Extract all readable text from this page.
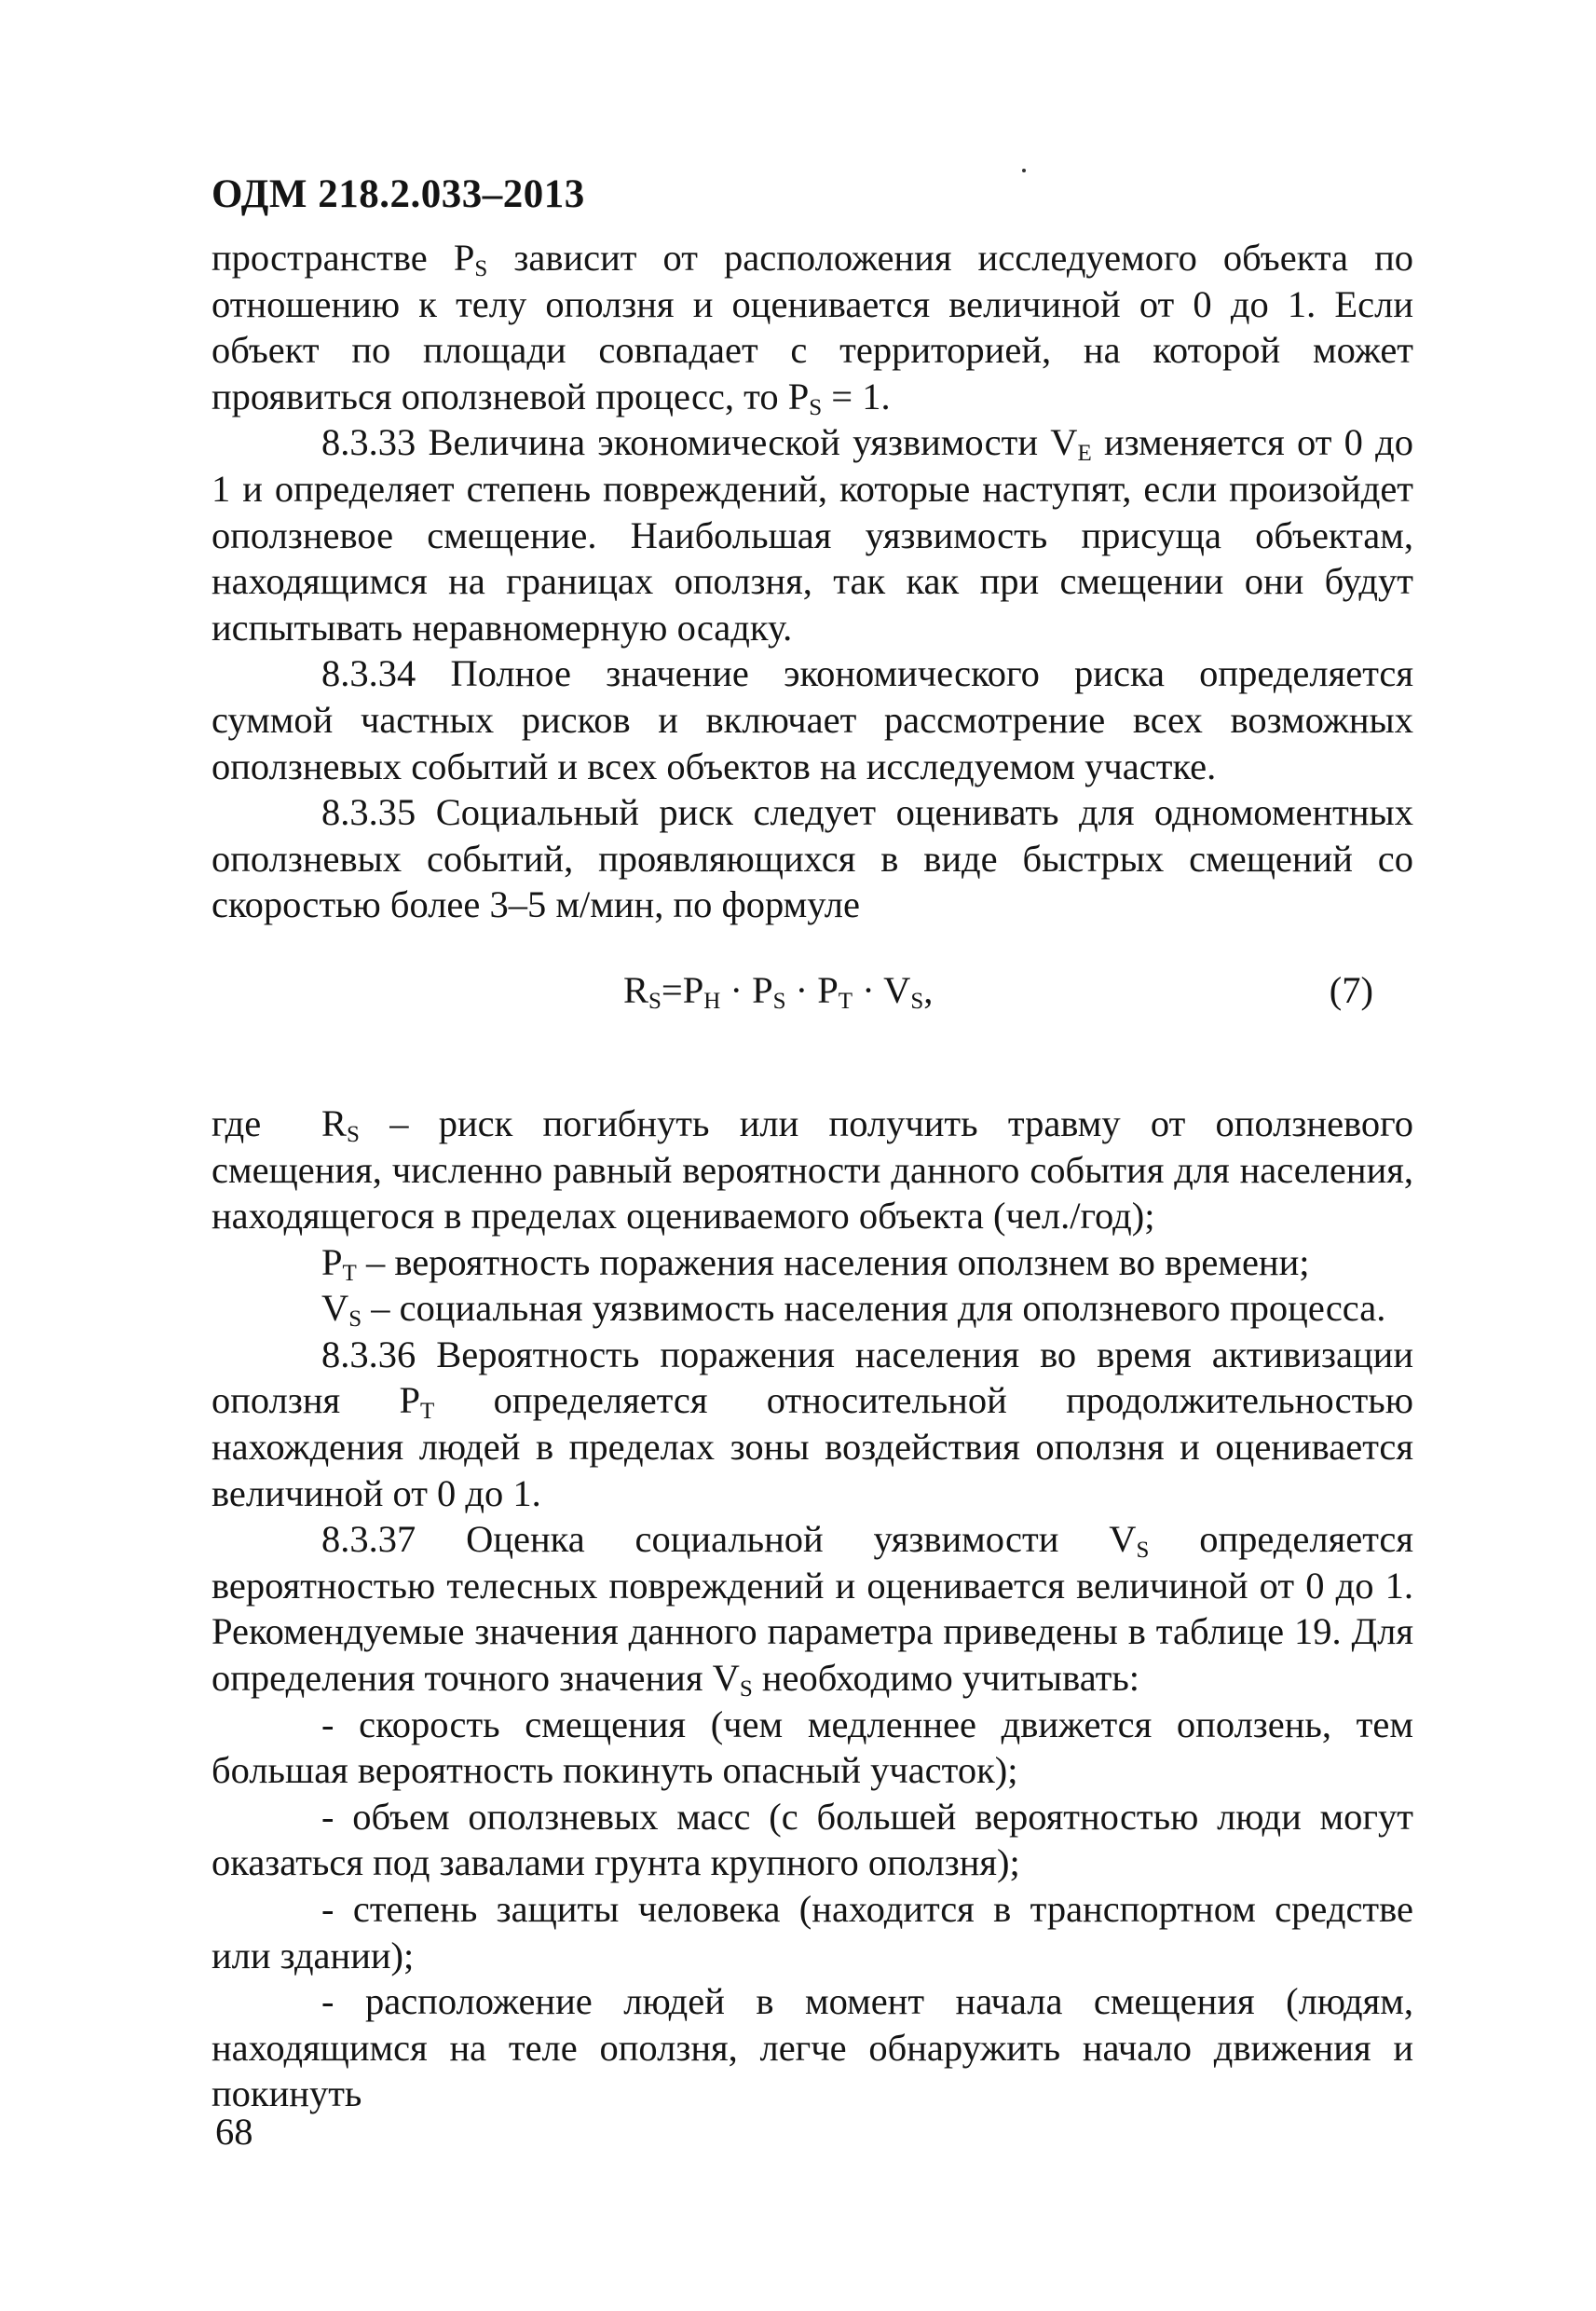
ОДМ 218.2.033–2013

пространстве $P_S$ зависит от расположения исследуемого объекта по отношению к телу оползня и оценивается величиной от 0 до 1. Если объект по площади совпадает с территорией, на которой может проявиться оползневой процесс, то $P_S = 1$.

8.3.33 Величина экономической уязвимости $V_E$ изменяется от 0 до 1 и определяет степень повреждений, которые наступят, если произойдет оползневое смещение. Наибольшая уязвимость присуща объектам, находящимся на границах оползня, так как при смещении они будут испытывать неравномерную осадку.

8.3.34 Полное значение экономического риска определяется суммой частных рисков и включает рассмотрение всех возможных оползневых событий и всех объектов на исследуемом участке.

8.3.35 Социальный риск следует оценивать для одномоментных оползневых событий, проявляющихся в виде быстрых смещений со скоростью более 3–5 м/мин, по формуле

$R_S=P_H \cdot P_S \cdot P_T \cdot V_S$,	(7)

где $R_S$ – риск погибнуть или получить травму от оползневого смещения, численно равный вероятности данного события для населения, находящегося в пределах оцениваемого объекта (чел./год);

$P_T$ – вероятность поражения населения оползнем во времени;

$V_S$ – социальная уязвимость населения для оползневого процесса.

8.3.36 Вероятность поражения населения во время активизации оползня $P_T$ определяется относительной продолжительностью нахождения людей в пределах зоны воздействия оползня и оценивается величиной от 0 до 1.

8.3.37 Оценка социальной уязвимости $V_S$ определяется вероятностью телесных повреждений и оценивается величиной от 0 до 1. Рекомендуемые значения данного параметра приведены в таблице 19. Для определения точного значения $V_S$ необходимо учитывать:

- скорость смещения (чем медленнее движется оползень, тем большая вероятность покинуть опасный участок);

- объем оползневых масс (с большей вероятностью люди могут оказаться под завалами грунта крупного оползня);

- степень защиты человека (находится в транспортном средстве или здании);

- расположение людей в момент начала смещения (людям, находящимся на теле оползня, легче обнаружить начало движения и покинуть

68
